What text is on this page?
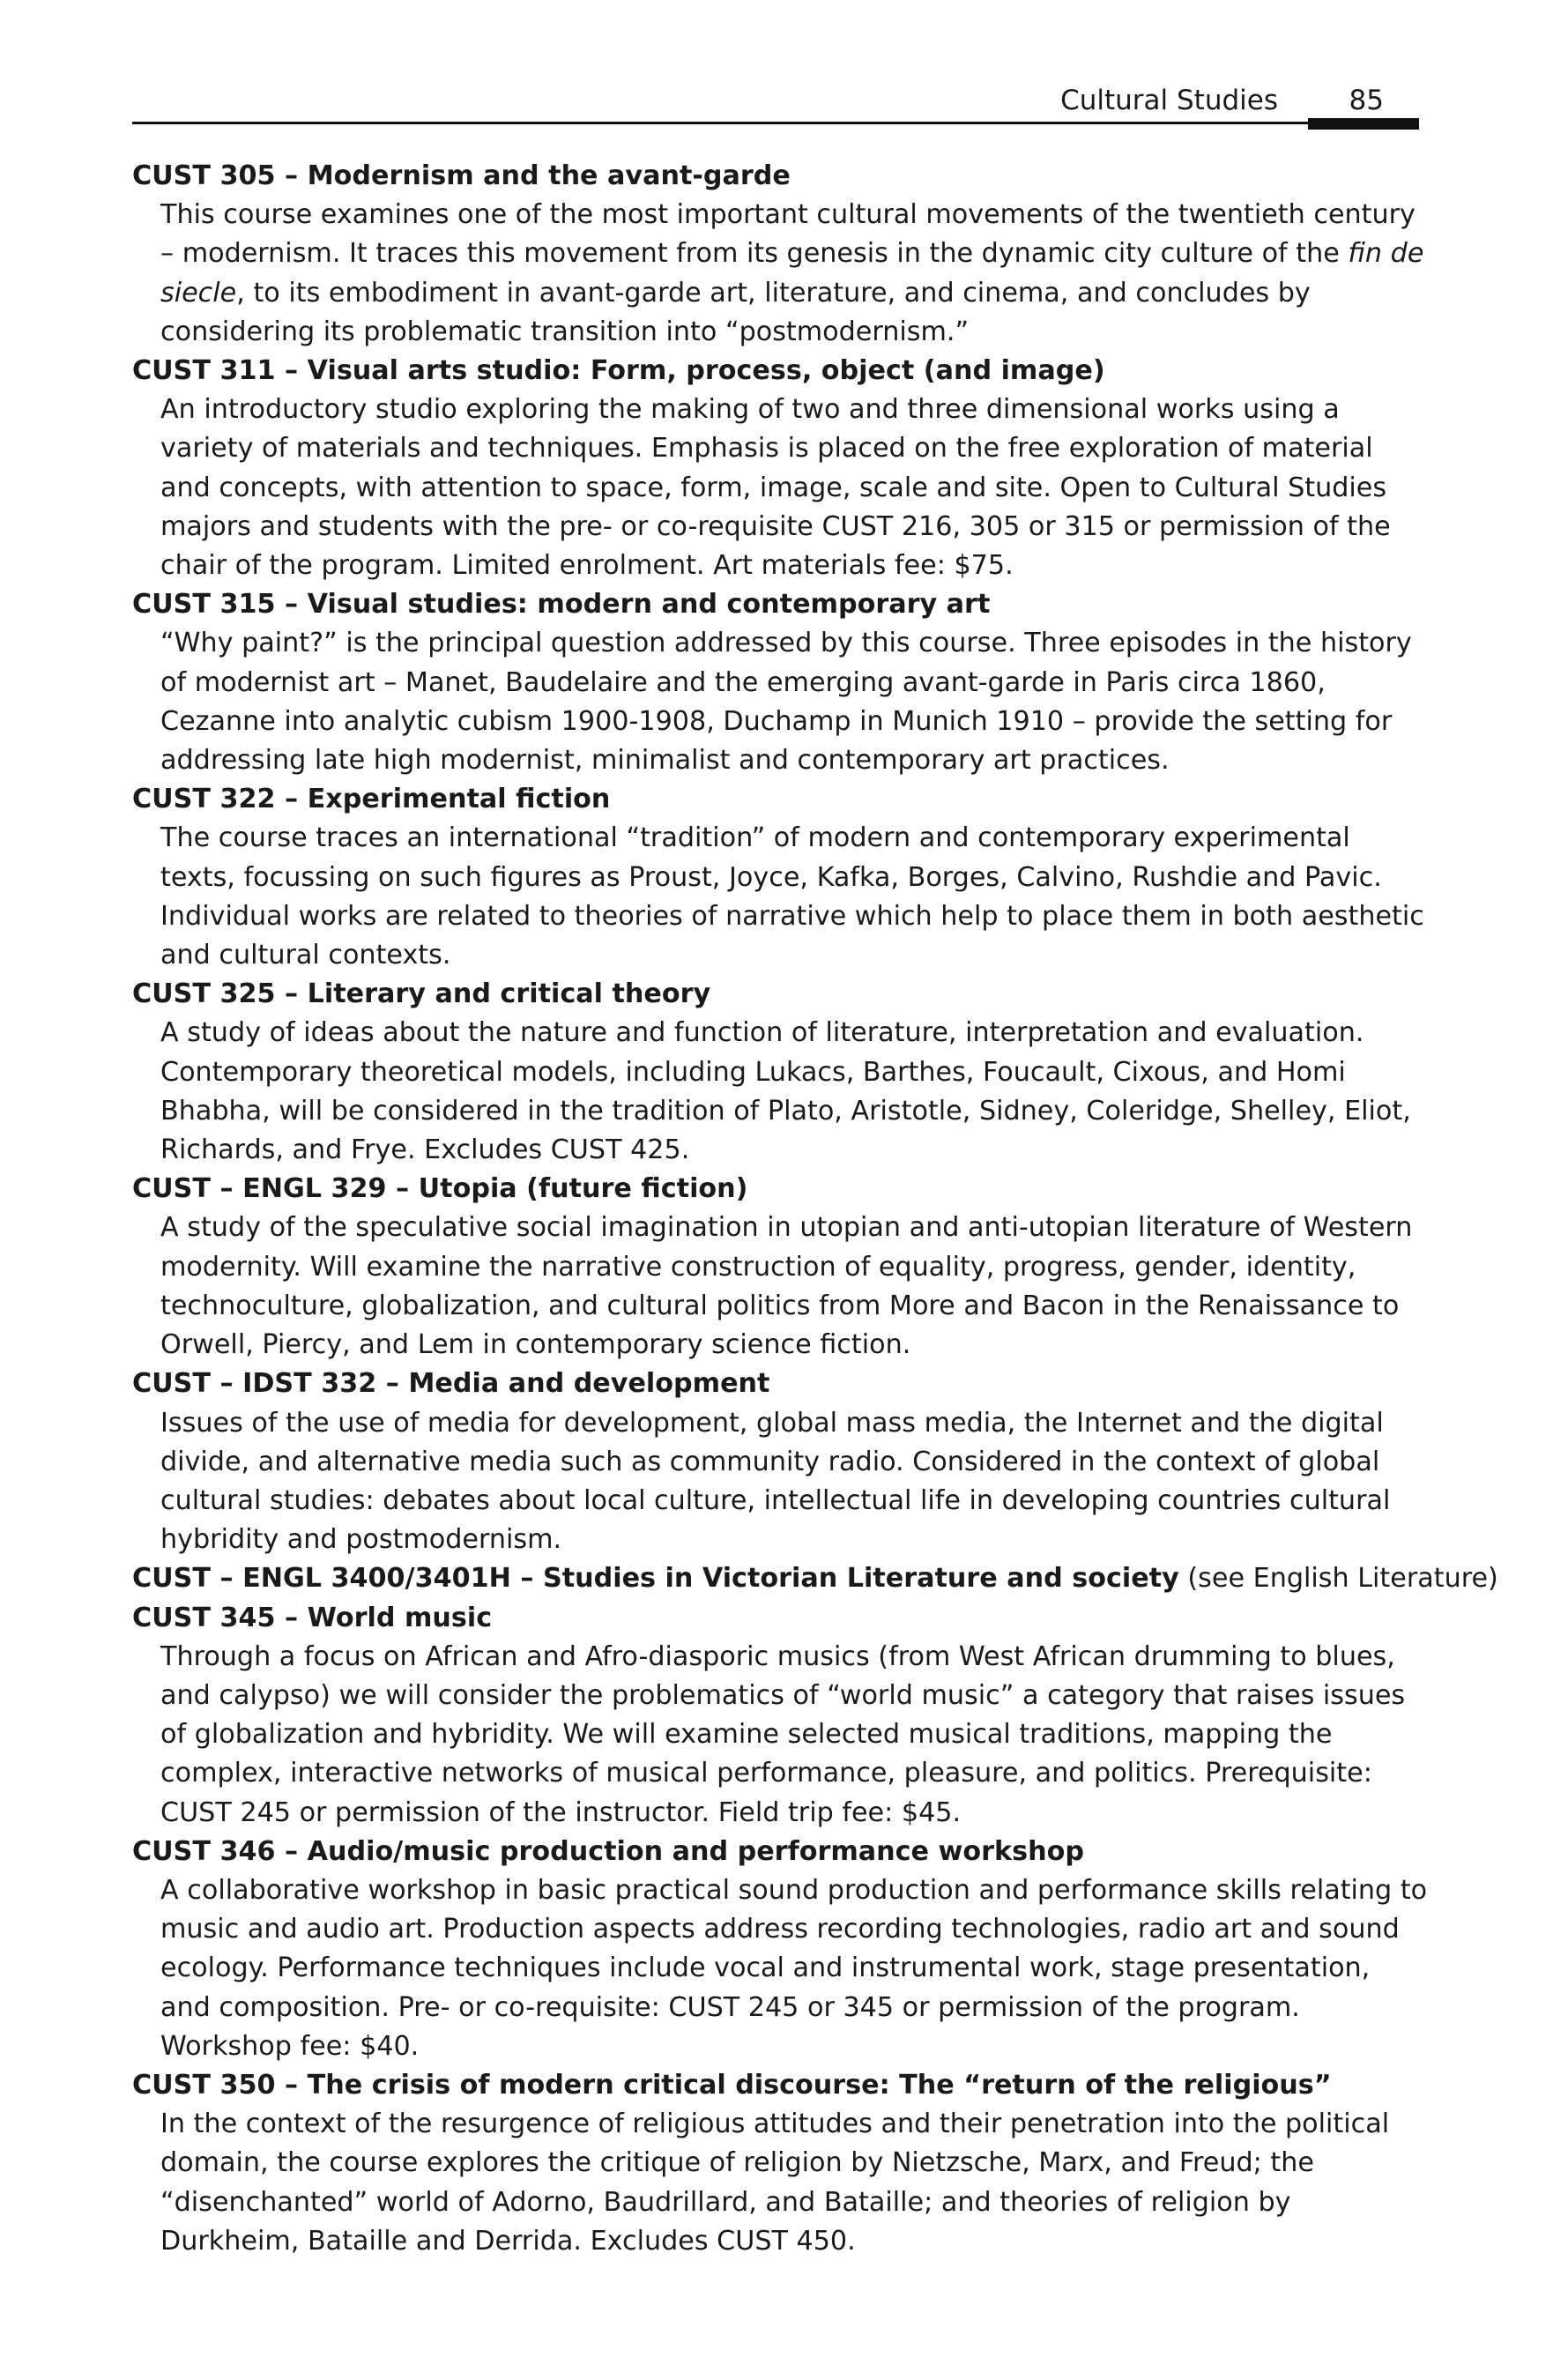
Cultural Studies	85

CUST 305 – Modernism and the avant-garde

This course examines one of the most important cultural movements of the twentieth century – modernism. It traces this movement from its genesis in the dynamic city culture of the fin de siecle, to its embodiment in avant-garde art, literature, and cinema, and concludes by considering its problematic transition into “postmodernism.”

CUST 311 – Visual arts studio: Form, process, object (and image)

An introductory studio exploring the making of two and three dimensional works using a variety of materials and techniques. Emphasis is placed on the free exploration of material and concepts, with attention to space, form, image, scale and site. Open to Cultural Studies majors and students with the pre- or co-requisite CUST 216, 305 or 315 or permission of the chair of the program. Limited enrolment. Art materials fee: $75.

CUST 315 – Visual studies: modern and contemporary art

“Why paint?” is the principal question addressed by this course. Three episodes in the history of modernist art – Manet, Baudelaire and the emerging avant-garde in Paris circa 1860, Cezanne into analytic cubism 1900-1908, Duchamp in Munich 1910 – provide the setting for addressing late high modernist, minimalist and contemporary art practices.

CUST 322 – Experimental fiction

The course traces an international “tradition” of modern and contemporary experimental texts, focussing on such figures as Proust, Joyce, Kafka, Borges, Calvino, Rushdie and Pavic. Individual works are related to theories of narrative which help to place them in both aesthetic and cultural contexts.

CUST 325 – Literary and critical theory

A study of ideas about the nature and function of literature, interpretation and evaluation. Contemporary theoretical models, including Lukacs, Barthes, Foucault, Cixous, and Homi Bhabha, will be considered in the tradition of Plato, Aristotle, Sidney, Coleridge, Shelley, Eliot, Richards, and Frye. Excludes CUST 425.

CUST – ENGL 329 – Utopia (future fiction)

A study of the speculative social imagination in utopian and anti-utopian literature of Western modernity. Will examine the narrative construction of equality, progress, gender, identity, technoculture, globalization, and cultural politics from More and Bacon in the Renaissance to Orwell, Piercy, and Lem in contemporary science fiction.

CUST – IDST 332 – Media and development

Issues of the use of media for development, global mass media, the Internet and the digital divide, and alternative media such as community radio. Considered in the context of global cultural studies: debates about local culture, intellectual life in developing countries cultural hybridity and postmodernism.

CUST – ENGL 3400/3401H – Studies in Victorian Literature and society (see English Literature)

CUST 345 – World music

Through a focus on African and Afro-diasporic musics (from West African drumming to blues, and calypso) we will consider the problematics of “world music” a category that raises issues of globalization and hybridity. We will examine selected musical traditions, mapping the complex, interactive networks of musical performance, pleasure, and politics. Prerequisite: CUST 245 or permission of the instructor. Field trip fee: $45.

CUST 346 – Audio/music production and performance workshop

A collaborative workshop in basic practical sound production and performance skills relating to music and audio art. Production aspects address recording technologies, radio art and sound ecology. Performance techniques include vocal and instrumental work, stage presentation, and composition. Pre- or co-requisite: CUST 245 or 345 or permission of the program. Workshop fee: $40.

CUST 350 – The crisis of modern critical discourse: The “return of the religious”

In the context of the resurgence of religious attitudes and their penetration into the political domain, the course explores the critique of religion by Nietzsche, Marx, and Freud; the “disenchanted” world of Adorno, Baudrillard, and Bataille; and theories of religion by Durkheim, Bataille and Derrida. Excludes CUST 450.
